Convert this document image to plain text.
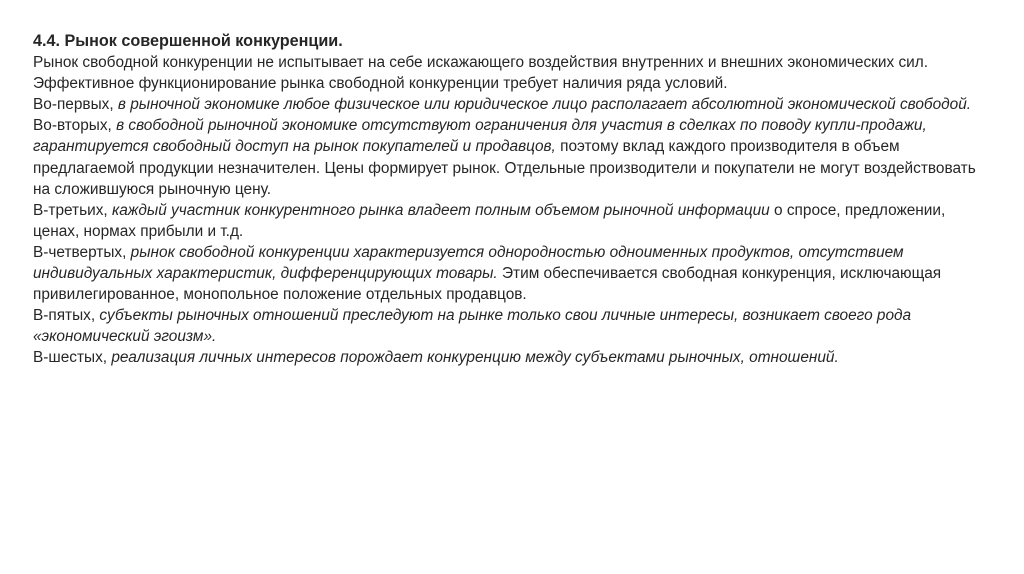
4.4. Рынок совершенной конкуренции.

Рынок свободной конкуренции не испытывает на себе искажающего воздействия внутренних и внешних экономических сил. Эффективное функционирование рынка свободной конкуренции требует наличия ряда условий.

Во-первых, в рыночной экономике любое физическое или юридическое лицо располагает абсолютной экономической свободой.

Во-вторых, в свободной рыночной экономике отсутствуют ограничения для участия в сделках по поводу купли-продажи, гарантируется свободный доступ на рынок покупателей и продавцов, поэтому вклад каждого производителя в объем предлагаемой продукции незначителен. Цены формирует рынок. Отдельные производители и покупатели не могут воздействовать на сложившуюся рыночную цену.

В-третьих, каждый участник конкурентного рынка владеет полным объемом рыночной информации о спросе, предложении, ценах, нормах прибыли и т.д.

В-четвертых, рынок свободной конкуренции характеризуется однородностью одноименных продуктов, отсутствием индивидуальных характеристик, дифференцирующих товары. Этим обеспечивается свободная конкуренция, исключающая привилегированное, монопольное положение отдельных продавцов.

В-пятых, субъекты рыночных отношений преследуют на рынке только свои личные интересы, возникает своего рода «экономический эгоизм».

В-шестых, реализация личных интересов порождает конкуренцию между субъектами рыночных, отношений.
